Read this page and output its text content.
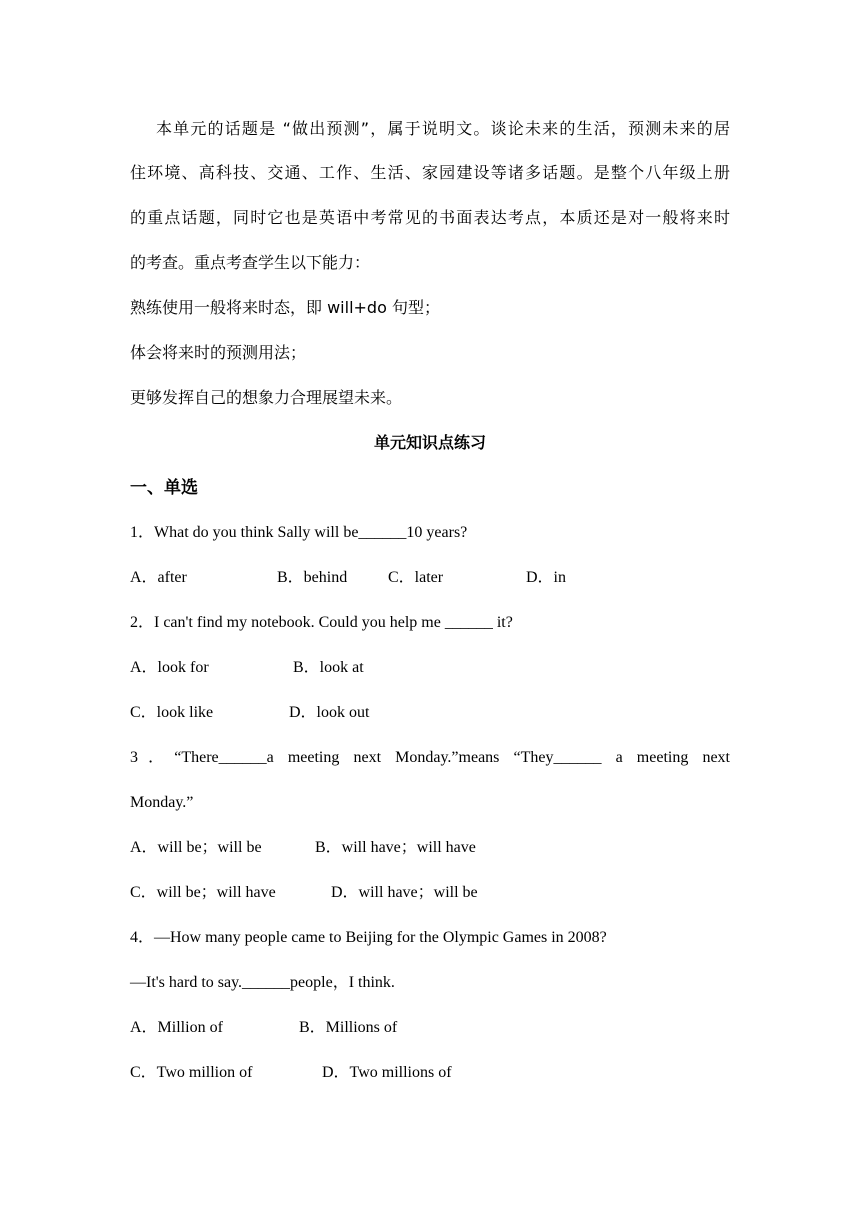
本单元的话题是 “做出预测”，属于说明文。谈论未来的生活，预测未来的居
住环境、高科技、交通、工作、生活、家园建设等诸多话题。是整个八年级上册
的重点话题，同时它也是英语中考常见的书面表达考点，本质还是对一般将来时
的考查。重点考查学生以下能力：
熟练使用一般将来时态，即 will+do 句型；
体会将来时的预测用法；
更够发挥自己的想象力合理展望未来。
单元知识点练习
一、单选
1．What do you think Sally will be______10 years?
A．after	B．behind	C．later	D．in
2．I can't find my notebook. Could you help me ______ it?
A．look for	B．look at
C．look like	D．look out
3．“There______a meeting next Monday.”means “They______ a meeting next
Monday.”
A．will be；will be	B．will have；will have
C．will be；will have	D．will have；will be
4．—How many people came to Beijing for the Olympic Games in 2008?
—It's hard to say.______people，I think.
A．Million of	B．Millions of
C．Two million of	D．Two millions of
